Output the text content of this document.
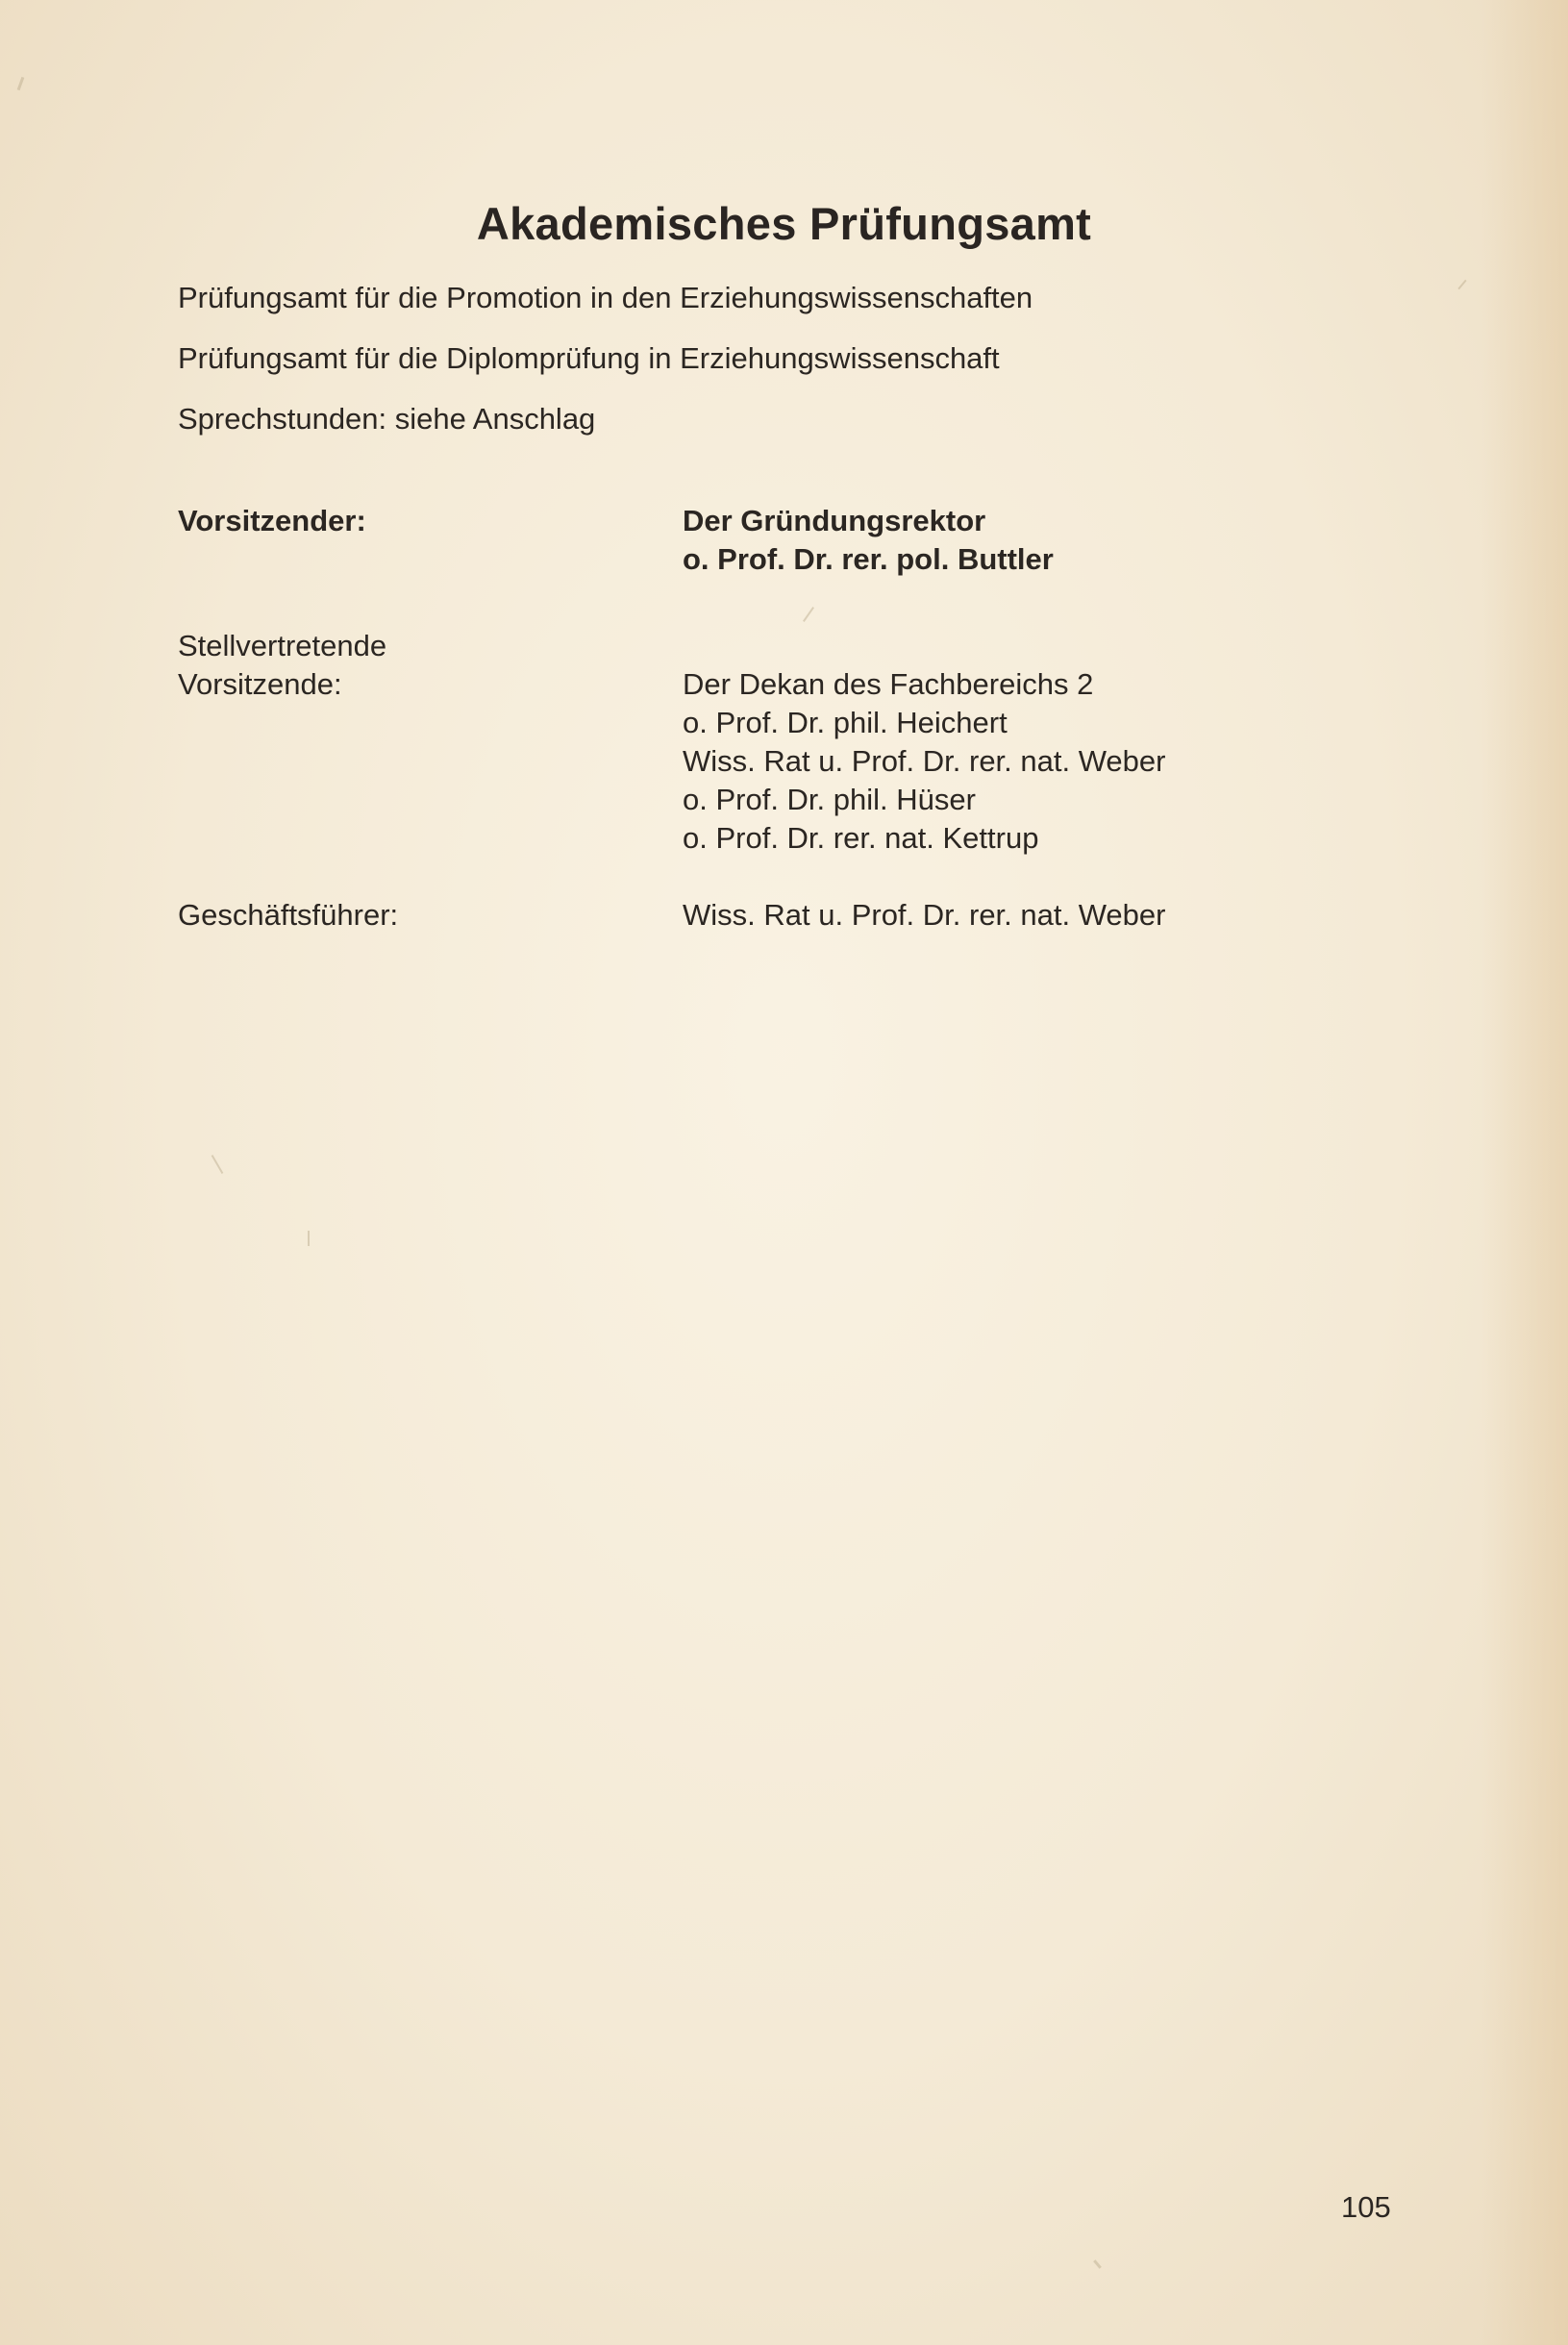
Akademisches Prüfungsamt
Prüfungsamt für die Promotion in den Erziehungswissenschaften
Prüfungsamt für die Diplomprüfung in Erziehungswissenschaft
Sprechstunden: siehe Anschlag
Vorsitzender:	Der Gründungsrektor
o. Prof. Dr. rer. pol. Buttler
Stellvertretende
Vorsitzende:	Der Dekan des Fachbereichs 2
o. Prof. Dr. phil. Heichert
Wiss. Rat u. Prof. Dr. rer. nat. Weber
o. Prof. Dr. phil. Hüser
o. Prof. Dr. rer. nat. Kettrup
Geschäftsführer:	Wiss. Rat u. Prof. Dr. rer. nat. Weber
105
